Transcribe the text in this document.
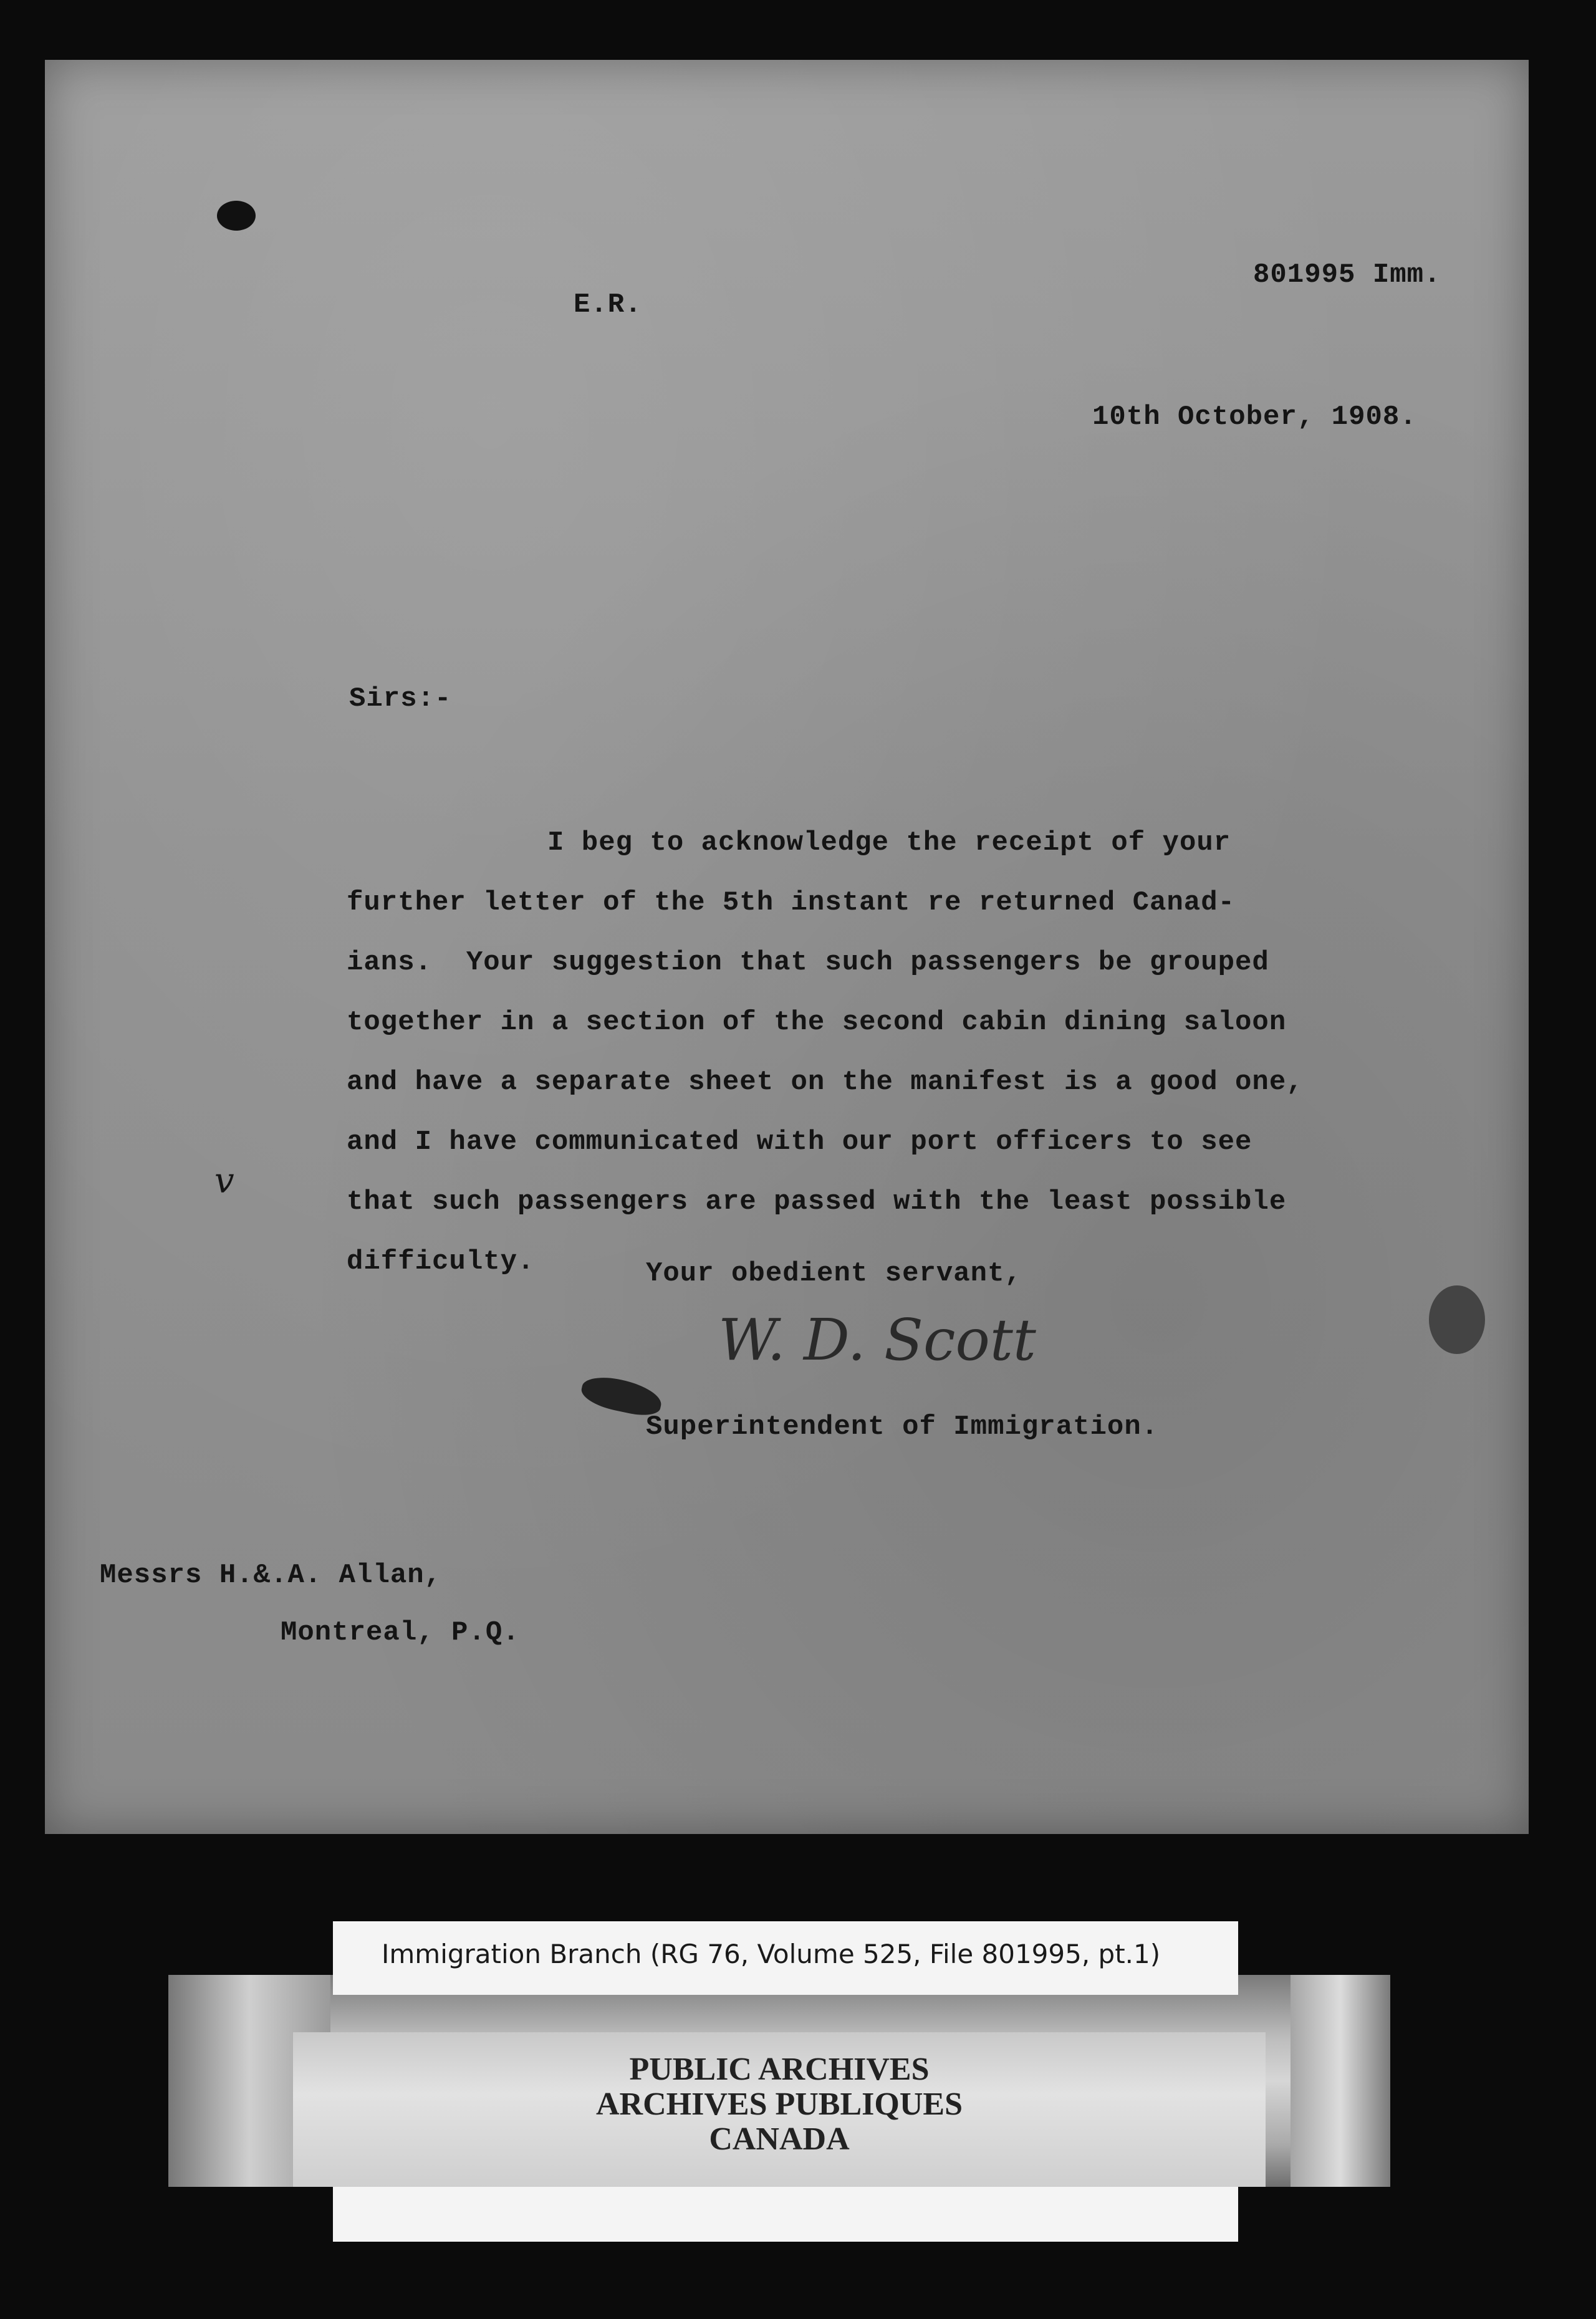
801995 Imm.
E.R.
10th October, 1908.
Sirs:-
I beg to acknowledge the receipt of your
further letter of the 5th instant re returned Canad-
ians.  Your suggestion that such passengers be grouped
together in a section of the second cabin dining saloon
and have a separate sheet on the manifest is a good one,
and I have communicated with our port officers to see
that such passengers are passed with the least possible
difficulty.
v
Your obedient servant,
W. D. Scott
Superintendent of Immigration.
Messrs H.&.A. Allan,
Montreal, P.Q.
PUBLIC ARCHIVES
ARCHIVES PUBLIQUES
CANADA
Immigration Branch (RG 76, Volume 525, File 801995, pt.1)
